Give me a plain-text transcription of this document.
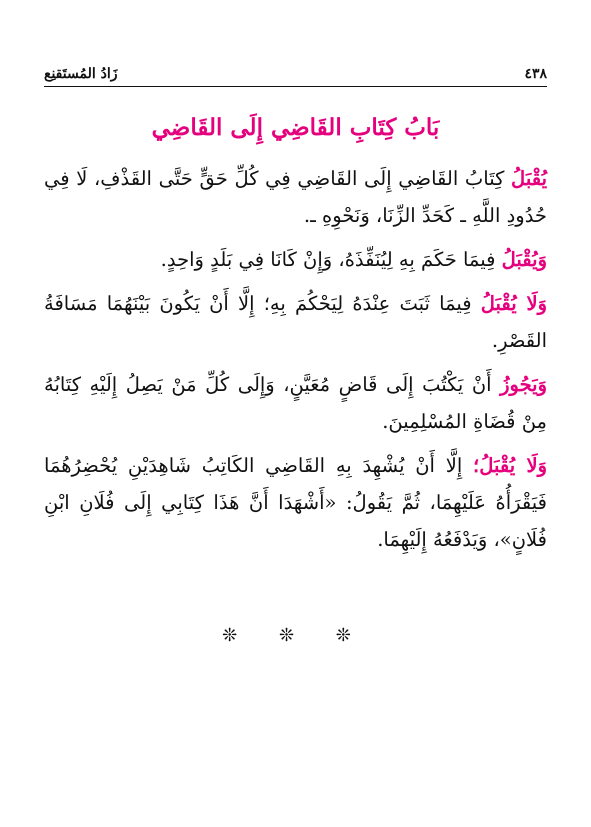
٤٣٨
زَادُ المُستَقنِع
بَابُ كِتَابِ القَاضِي إِلَى القَاضِي

يُقْبَلُ كِتَابُ القَاضِي إِلَى القَاضِي فِي كُلِّ حَقٍّ حَتَّى القَذْفِ، لَا فِي حُدُودِ اللَّهِ ـ كَحَدِّ الزِّنَا، وَنَحْوِهِ ـ.

وَيُقْبَلُ فِيمَا حَكَمَ بِهِ لِيُنَفِّذَهُ، وَإِنْ كَانَا فِي بَلَدٍ وَاحِدٍ.

وَلَا يُقْبَلُ فِيمَا ثَبَتَ عِنْدَهُ لِيَحْكُمَ بِهِ؛ إِلَّا أَنْ يَكُونَ بَيْنَهُمَا مَسَافَةُ القَصْرِ.

وَيَجُوزُ أَنْ يَكْتُبَ إِلَى قَاضٍ مُعَيَّنٍ، وَإِلَى كُلِّ مَنْ يَصِلُ إِلَيْهِ كِتَابُهُ مِنْ قُضَاةِ المُسْلِمِينَ.

وَلَا يُقْبَلُ؛ إِلَّا أَنْ يُشْهِدَ بِهِ القَاضِي الكَاتِبُ شَاهِدَيْنِ يُحْضِرُهُمَا فَيَقْرَأُهُ عَلَيْهِمَا، ثُمَّ يَقُولُ: «أَشْهَدَا أَنَّ هَذَا كِتَابِي إِلَى فُلَانِ ابْنِ فُلَانٍ»، وَيَدْفَعُهُ إِلَيْهِمَا.

❊ ❊ ❊
